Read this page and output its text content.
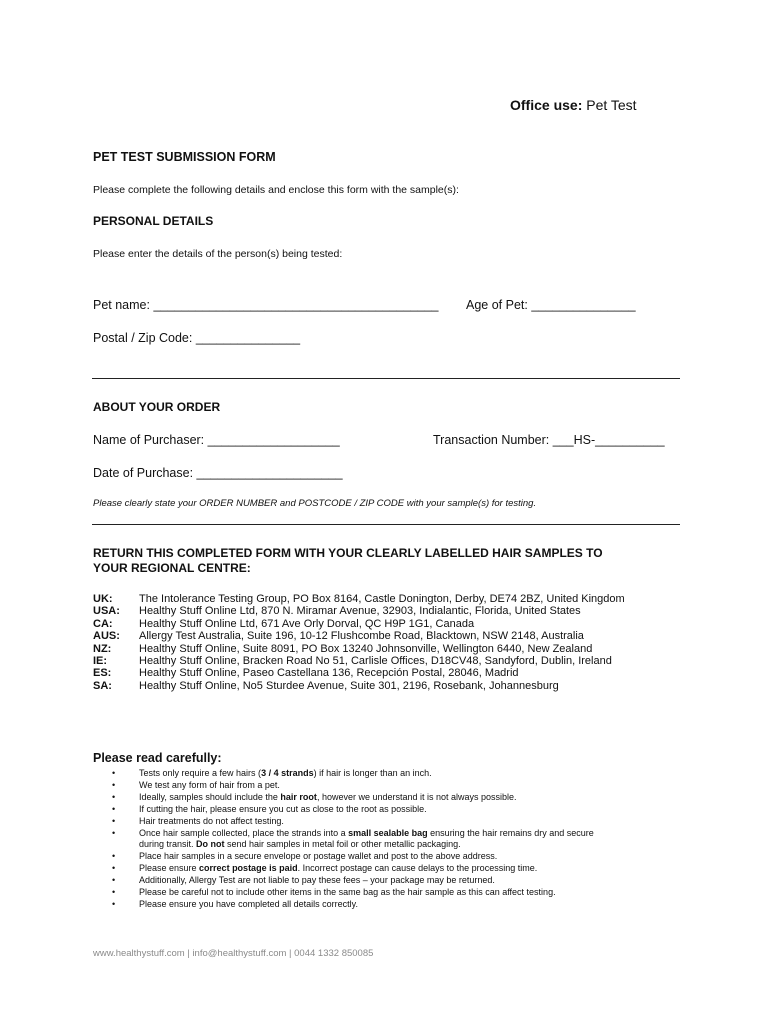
Office use: Pet Test
PET TEST SUBMISSION FORM
Please complete the following details and enclose this form with the sample(s):
PERSONAL DETAILS
Please enter the details of the person(s) being tested:
Pet name: _________________________________________ Age of Pet: _______________
Postal / Zip Code: _______________
ABOUT YOUR ORDER
Name of Purchaser: ___________________	Transaction Number: ___HS-__________
Date of Purchase: _____________________
Please clearly state your ORDER NUMBER and POSTCODE / ZIP CODE with your sample(s) for testing.
RETURN THIS COMPLETED FORM WITH YOUR CLEARLY LABELLED HAIR SAMPLES TO
YOUR REGIONAL CENTRE:
UK:	The Intolerance Testing Group, PO Box 8164, Castle Donington, Derby, DE74 2BZ, United Kingdom
USA:	Healthy Stuff Online Ltd, 870 N. Miramar Avenue, 32903, Indialantic, Florida, United States
CA:	Healthy Stuff Online Ltd, 671 Ave Orly Dorval, QC H9P 1G1, Canada
AUS:	Allergy Test Australia, Suite 196, 10-12 Flushcombe Road, Blacktown, NSW 2148, Australia
NZ:	Healthy Stuff Online, Suite 8091, PO Box 13240 Johnsonville, Wellington 6440, New Zealand
IE:	Healthy Stuff Online, Bracken Road No 51, Carlisle Offices, D18CV48, Sandyford, Dublin, Ireland
ES:	Healthy Stuff Online, Paseo Castellana 136, Recepción Postal, 28046, Madrid
SA:	Healthy Stuff Online, No5 Sturdee Avenue, Suite 301, 2196, Rosebank, Johannesburg
Please read carefully:
•	Tests only require a few hairs (3 / 4 strands) if hair is longer than an inch.
•	We test any form of hair from a pet.
•	Ideally, samples should include the hair root, however we understand it is not always possible.
•	If cutting the hair, please ensure you cut as close to the root as possible.
•	Hair treatments do not affect testing.
•	Once hair sample collected, place the strands into a small sealable bag ensuring the hair remains dry and secure
during transit. Do not send hair samples in metal foil or other metallic packaging.
•	Place hair samples in a secure envelope or postage wallet and post to the above address.
•	Please ensure correct postage is paid. Incorrect postage can cause delays to the processing time.
•	Additionally, Allergy Test are not liable to pay these fees – your package may be returned.
•	Please be careful not to include other items in the same bag as the hair sample as this can affect testing.
•	Please ensure you have completed all details correctly.
www.healthystuff.com | info@healthystuff.com | 0044 1332 850085
